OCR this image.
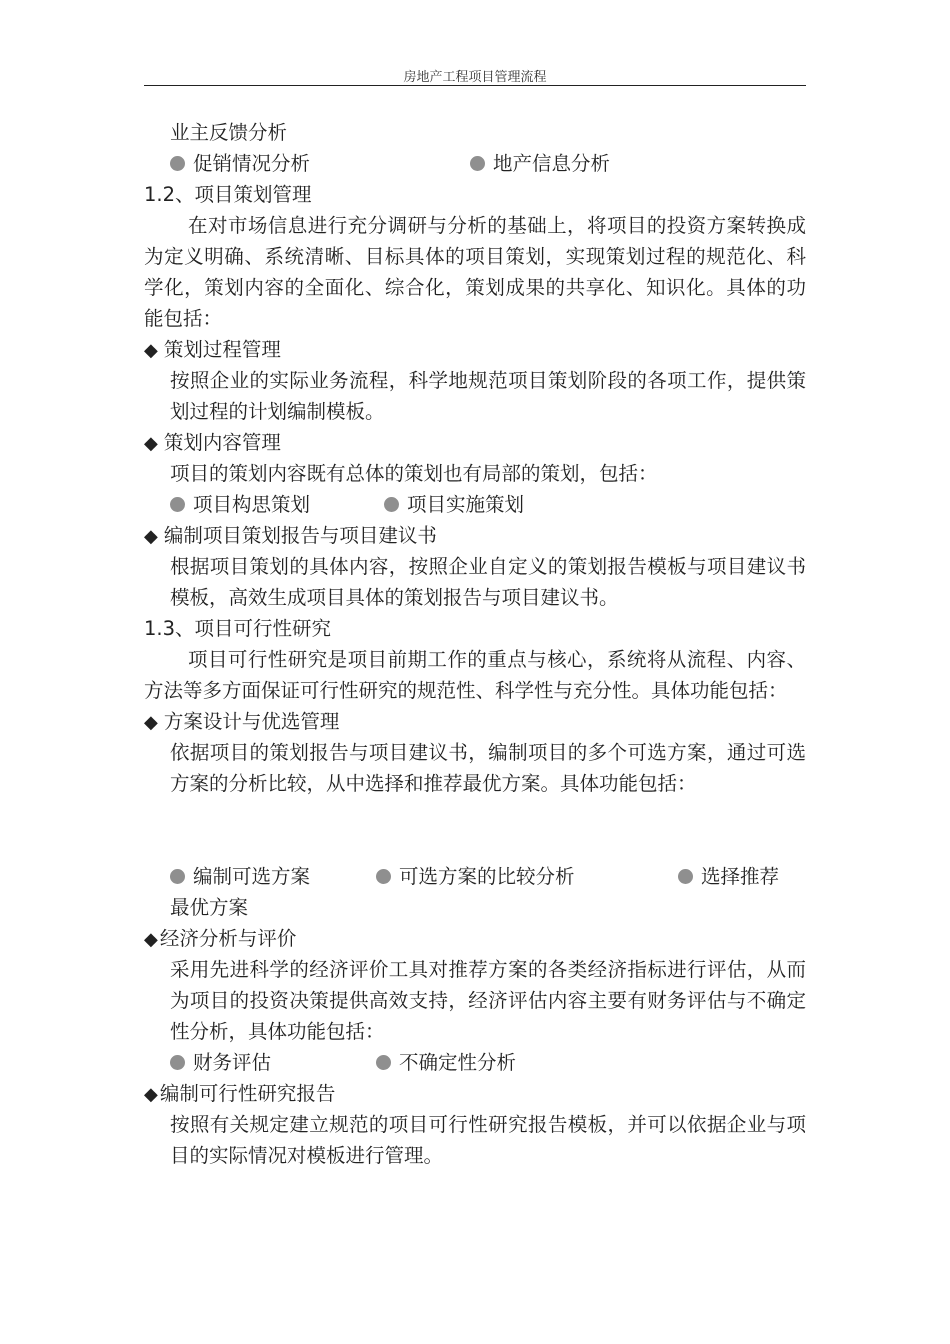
房地产工程项目管理流程
业主反馈分析
促销情况分析	地产信息分析
1.2、项目策划管理
在对市场信息进行充分调研与分析的基础上，将项目的投资方案转换成为定义明确、系统清晰、目标具体的项目策划，实现策划过程的规范化、科学化，策划内容的全面化、综合化，策划成果的共享化、知识化。具体的功能包括：
◆ 策划过程管理
按照企业的实际业务流程，科学地规范项目策划阶段的各项工作，提供策划过程的计划编制模板。
◆ 策划内容管理
项目的策划内容既有总体的策划也有局部的策划，包括：
项目构思策划	项目实施策划
◆ 编制项目策划报告与项目建议书
根据项目策划的具体内容，按照企业自定义的策划报告模板与项目建议书模板，高效生成项目具体的策划报告与项目建议书。
1.3、项目可行性研究
项目可行性研究是项目前期工作的重点与核心，系统将从流程、内容、方法等多方面保证可行性研究的规范性、科学性与充分性。具体功能包括：
◆ 方案设计与优选管理
依据项目的策划报告与项目建议书，编制项目的多个可选方案，通过可选方案的分析比较，从中选择和推荐最优方案。具体功能包括：
编制可选方案	可选方案的比较分析	选择推荐
最优方案
◆ 经济分析与评价
采用先进科学的经济评价工具对推荐方案的各类经济指标进行评估，从而为项目的投资决策提供高效支持，经济评估内容主要有财务评估与不确定性分析，具体功能包括：
财务评估	不确定性分析
◆ 编制可行性研究报告
按照有关规定建立规范的项目可行性研究报告模板，并可以依据企业与项目的实际情况对模板进行管理。
